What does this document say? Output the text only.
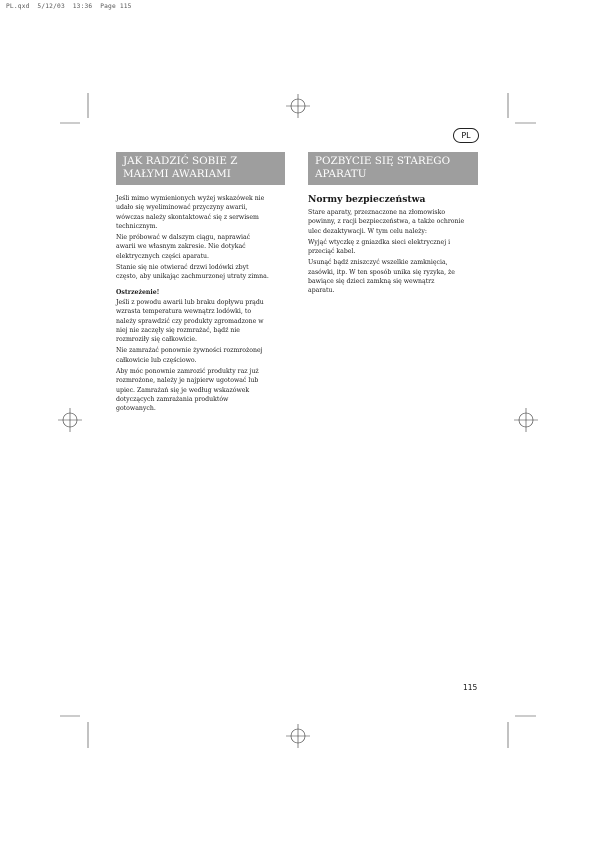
PL.qxd  5/12/03  13:36  Page 115
PL
JAK RADZIĆ SOBIE Z
MAŁYMI AWARIAMI
POZBYCIE SIĘ STAREGO
APARATU

Jeśli mimo wymienionych wyżej wskazówek nie
udało się wyeliminować przyczyny awarii,
wówczas należy skontaktować się z serwisem
technicznym.

Nie próbować w dalszym ciągu, naprawiać
awarii we własnym zakresie. Nie dotykać
elektrycznych części aparatu.

Stanie się nie otwierać drzwi lodówki zbyt
często, aby unikając zachmurzonej utraty zimna.

Ostrzeżenie!

Jeśli z powodu awarii lub braku dopływu prądu
wzrasta temperatura wewnątrz lodówki, to
należy sprawdzić czy produkty zgromadzone w
niej nie zaczęły się rozmrażać, bądź nie
rozmroziły się całkowicie.

Nie zamrażać ponownie żywności rozmrożonej
całkowicie lub częściowo.

Aby móc ponownie zamrozić produkty raz już
rozmrożone, należy je najpierw ugotować lub
upiec. Zamrażań się je według wskazówek
dotyczących zamrażania produktów
gotowanych.

Normy bezpieczeństwa

Stare aparaty, przeznaczone na złomowisko
powinny, z racji bezpieczeństwa, a także ochronie
ulec dezaktywacji. W tym celu należy:

Wyjąć wtyczkę z gniazdka sieci elektrycznej i
przeciąć kabel.

Usunąć bądź zniszczyć wszelkie zamknięcia,
zasówki, itp. W ten sposób unika się ryzyka, że
bawiące się dzieci zamkną się wewnątrz
aparatu.

115
